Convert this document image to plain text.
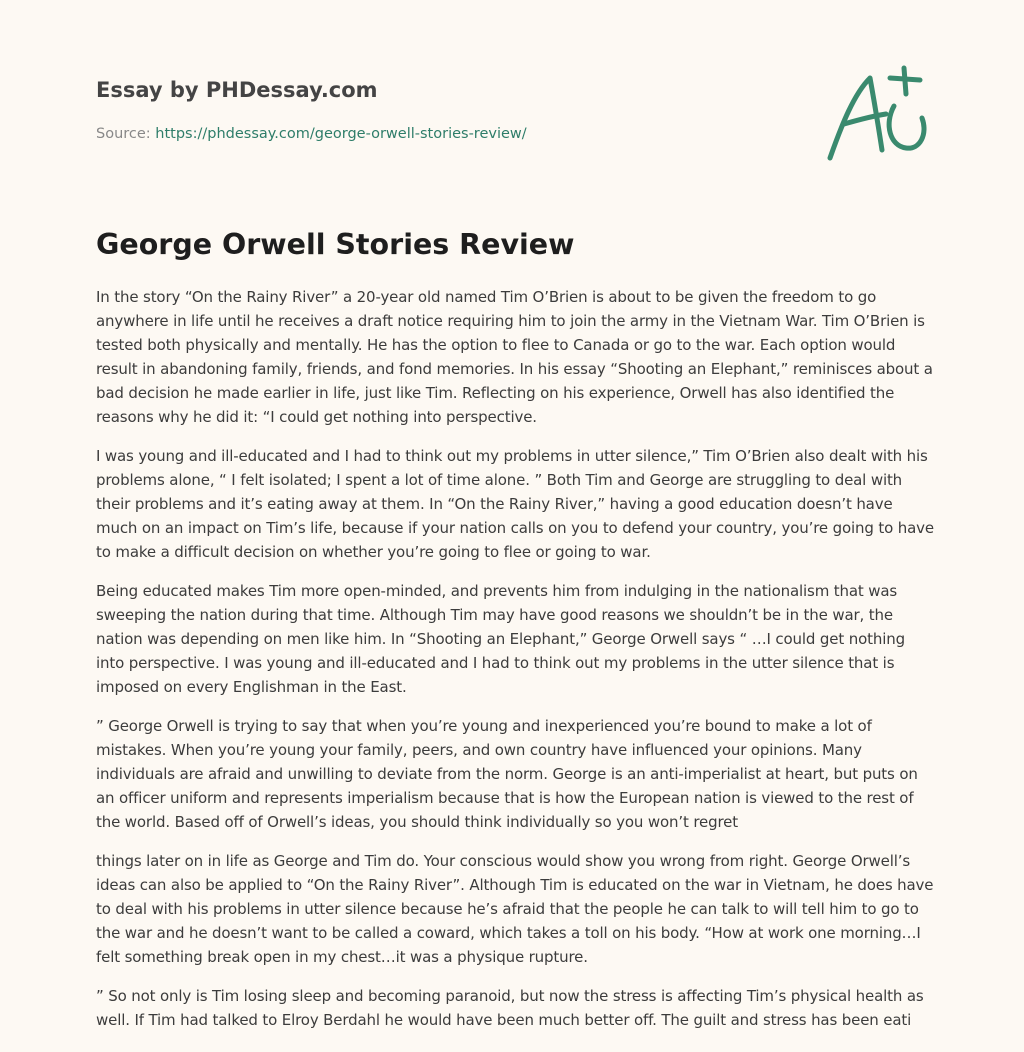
Essay by PHDessay.com
Source: https://phdessay.com/george-orwell-stories-review/
George Orwell Stories Review

In the story “On the Rainy River” a 20-year old named Tim O’Brien is about to be given the freedom to go anywhere in life until he receives a draft notice requiring him to join the army in the Vietnam War. Tim O’Brien is tested both physically and mentally. He has the option to flee to Canada or go to the war. Each option would result in abandoning family, friends, and fond memories. In his essay “Shooting an Elephant,” reminisces about a bad decision he made earlier in life, just like Tim. Reflecting on his experience, Orwell has also identified the reasons why he did it: “I could get nothing into perspective.

I was young and ill-educated and I had to think out my problems in utter silence,” Tim O’Brien also dealt with his problems alone, “ I felt isolated; I spent a lot of time alone. ” Both Tim and George are struggling to deal with their problems and it’s eating away at them. In “On the Rainy River,” having a good education doesn’t have much on an impact on Tim’s life, because if your nation calls on you to defend your country, you’re going to have to make a difficult decision on whether you’re going to flee or going to war.

Being educated makes Tim more open-minded, and prevents him from indulging in the nationalism that was sweeping the nation during that time. Although Tim may have good reasons we shouldn’t be in the war, the nation was depending on men like him. In “Shooting an Elephant,” George Orwell says “ …I could get nothing into perspective. I was young and ill-educated and I had to think out my problems in the utter silence that is imposed on every Englishman in the East.

” George Orwell is trying to say that when you’re young and inexperienced you’re bound to make a lot of mistakes. When you’re young your family, peers, and own country have influenced your opinions. Many individuals are afraid and unwilling to deviate from the norm. George is an anti-imperialist at heart, but puts on an officer uniform and represents imperialism because that is how the European nation is viewed to the rest of the world. Based off of Orwell’s ideas, you should think individually so you won’t regret

things later on in life as George and Tim do. Your conscious would show you wrong from right. George Orwell’s ideas can also be applied to “On the Rainy River”. Although Tim is educated on the war in Vietnam, he does have to deal with his problems in utter silence because he’s afraid that the people he can talk to will tell him to go to the war and he doesn’t want to be called a coward, which takes a toll on his body. “How at work one morning…I felt something break open in my chest…it was a physique rupture.

” So not only is Tim losing sleep and becoming paranoid, but now the stress is affecting Tim’s physical health as well. If Tim had talked to Elroy Berdahl he would have been much better off. The guilt and stress has been eati
